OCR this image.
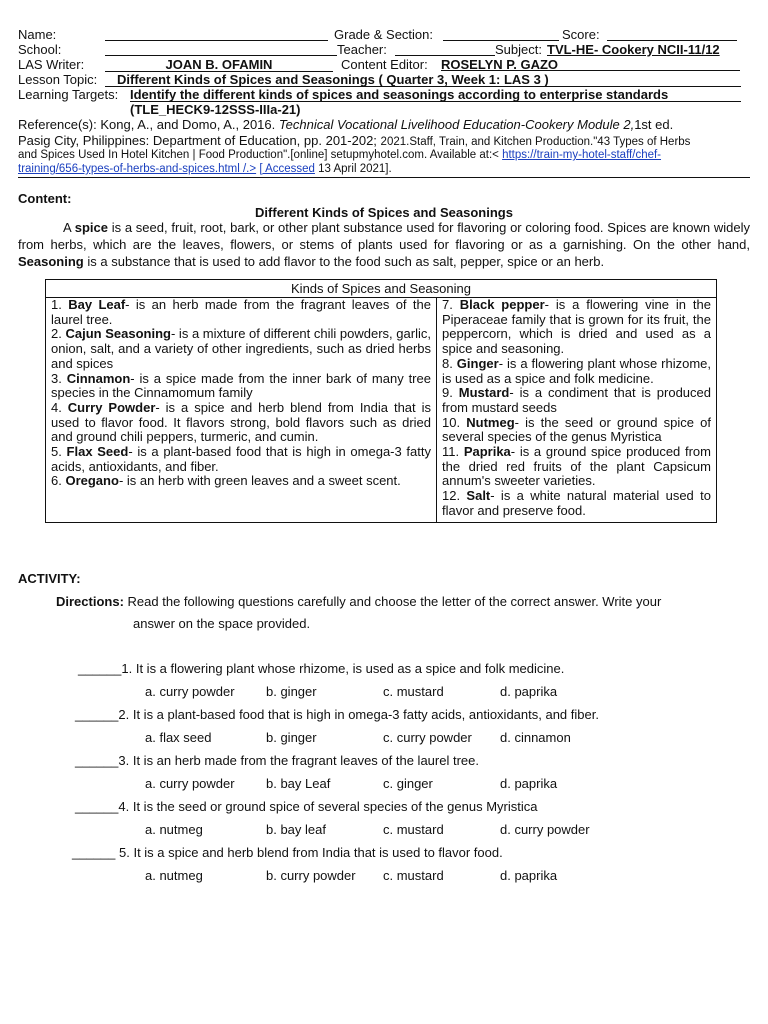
Name:	Grade & Section:	Score:
School:	Teacher:	Subject: TVL-HE- Cookery NCII-11/12
LAS Writer:	JOAN B. OFAMIN	Content Editor: ROSELYN P. GAZO
Lesson Topic:	Different Kinds of Spices and Seasonings ( Quarter 3, Week 1: LAS 3 )
Learning Targets: Identify the different kinds of spices and seasonings according to enterprise standards
(TLE_HECK9-12SSS-IIIa-21)
Reference(s): Kong, A., and Domo, A., 2016. Technical Vocational Livelihood Education-Cookery Module 2,1st ed.
Pasig City, Philippines: Department of Education, pp. 201-202; 2021.Staff, Train, and Kitchen Production."43 Types of Herbs
and Spices Used In Hotel Kitchen | Food Production".[online] setupmyhotel.com. Available at:< https://train-my-hotel-staff/chef-
training/656-types-of-herbs-and-spices.html /.> [ Accessed 13 April 2021].
Content:
Different Kinds of Spices and Seasonings
A spice is a seed, fruit, root, bark, or other plant substance used for flavoring or coloring food. Spices are known widely from herbs, which are the leaves, flowers, or stems of plants used for flavoring or as a garnishing. On the other hand, Seasoning is a substance that is used to add flavor to the food such as salt, pepper, spice or an herb.
Kinds of Spices and Seasoning

1. Bay Leaf- is an herb made from the fragrant leaves of the laurel tree.
2. Cajun Seasoning- is a mixture of different chili powders, garlic, onion, salt, and a variety of other ingredients, such as dried herbs and spices
3. Cinnamon- is a spice made from the inner bark of many tree species in the Cinnamomum family
4. Curry Powder- is a spice and herb blend from India that is used to flavor food. It flavors strong, bold flavors such as dried and ground chili peppers, turmeric, and cumin.
5. Flax Seed- is a plant-based food that is high in omega-3 fatty acids, antioxidants, and fiber.
6. Oregano- is an herb with green leaves and a sweet scent.

7. Black pepper- is a flowering vine in the Piperaceae family that is grown for its fruit, the peppercorn, which is dried and used as a spice and seasoning.
8. Ginger- is a flowering plant whose rhizome, is used as a spice and folk medicine.
9. Mustard- is a condiment that is produced from mustard seeds
10. Nutmeg- is the seed or ground spice of several species of the genus Myristica
11. Paprika- is a ground spice produced from the dried red fruits of the plant Capsicum annum's sweeter varieties.
12. Salt- is a white natural material used to flavor and preserve food.
ACTIVITY:
Directions: Read the following questions carefully and choose the letter of the correct answer. Write your
answer on the space provided.
______1. It is a flowering plant whose rhizome, is used as a spice and folk medicine.
a. curry powder b. ginger	c. mustard	d. paprika
______2. It is a plant-based food that is high in omega-3 fatty acids, antioxidants, and fiber.
a. flax seed	b. ginger	c. curry powder d. cinnamon
______3. It is an herb made from the fragrant leaves of the laurel tree.
a. curry powder b. bay Leaf	c. ginger	d. paprika
______4. It is the seed or ground spice of several species of the genus Myristica
a. nutmeg	b. bay leaf	c. mustard	d. curry powder
______ 5. It is a spice and herb blend from India that is used to flavor food.
a. nutmeg	b. curry powder c. mustard	d. paprika
